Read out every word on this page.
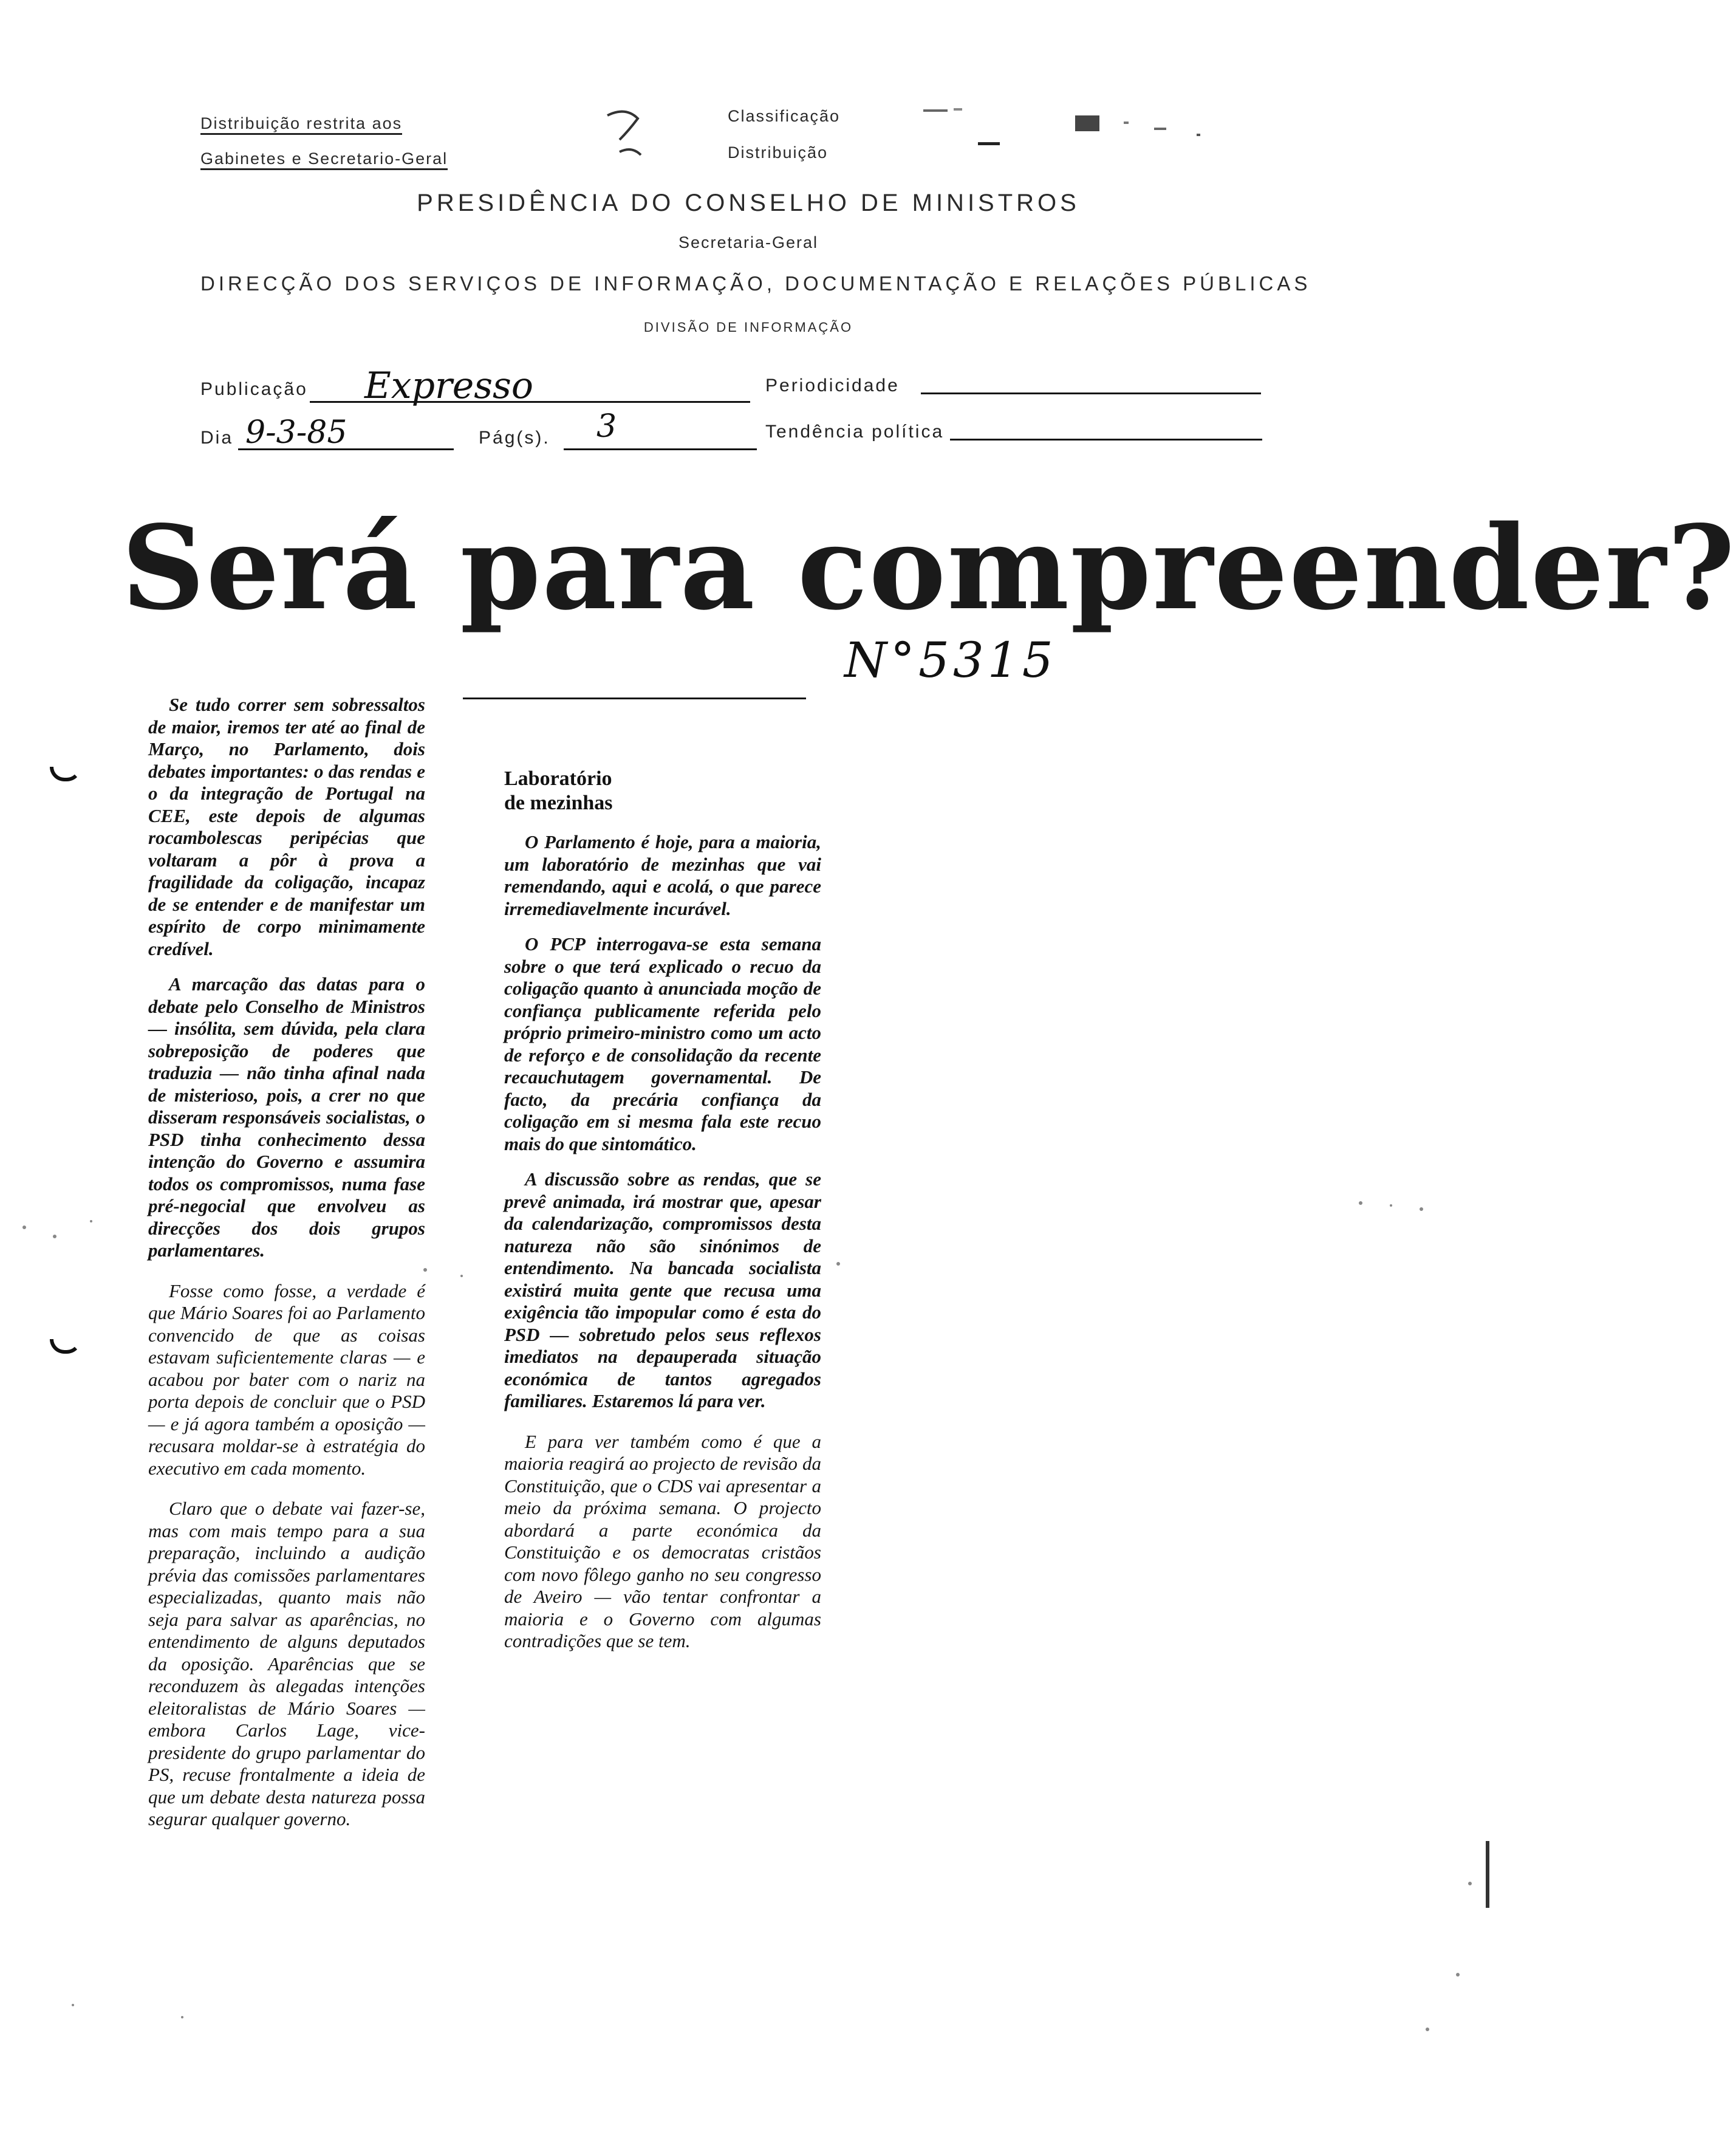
Distribuição restrita aos
Gabinetes e Secretario-Geral
Classificação
Distribuição
PRESIDÊNCIA DO CONSELHO DE MINISTROS
Secretaria-Geral
DIRECÇÃO DOS SERVIÇOS DE INFORMAÇÃO, DOCUMENTAÇÃO E RELAÇÕES PÚBLICAS
DIVISÃO DE INFORMAÇÃO
Publicação Expresso
Dia 9-3-85	Pág(s). 3
Periodicidade
Tendência política
Será para compreender?
N°5315

Se tudo correr sem sobressaltos de maior, iremos ter até ao final de Março, no Parlamento, dois debates importantes: o das rendas e o da integração de Portugal na CEE, este depois de algumas rocambolescas peripécias que voltaram a pôr à prova a fragilidade da coligação, incapaz de se entender e de manifestar um espírito de corpo minimamente credível.

A marcação das datas para o debate pelo Conselho de Ministros — insólita, sem dúvida, pela clara sobreposição de poderes que traduzia — não tinha afinal nada de misterioso, pois, a crer no que disseram responsáveis socialistas, o PSD tinha conhecimento dessa intenção do Governo e assumira todos os compromissos, numa fase pré-negocial que envolveu as direcções dos dois grupos parlamentares.

Fosse como fosse, a verdade é que Mário Soares foi ao Parlamento convencido de que as coisas estavam suficientemente claras — e acabou por bater com o nariz na porta depois de concluir que o PSD — e já agora também a oposição — recusara moldar-se à estratégia do executivo em cada momento.

Claro que o debate vai fazer-se, mas com mais tempo para a sua preparação, incluindo a audição prévia das comissões parlamentares especializadas, quanto mais não seja para salvar as aparências, no entendimento de alguns deputados da oposição. Aparências que se reconduzem às alegadas intenções eleitoralistas de Mário Soares — embora Carlos Lage, vice-presidente do grupo parlamentar do PS, recuse frontalmente a ideia de que um debate desta natureza possa segurar qualquer governo.

Laboratório
de mezinhas

O Parlamento é hoje, para a maioria, um laboratório de mezinhas que vai remendando, aqui e acolá, o que parece irremediavelmente incurável.

O PCP interrogava-se esta semana sobre o que terá explicado o recuo da coligação quanto à anunciada moção de confiança publicamente referida pelo próprio primeiro-ministro como um acto de reforço e de consolidação da recente recauchutagem governamental. De facto, da precária confiança da coligação em si mesma fala este recuo mais do que sintomático.

A discussão sobre as rendas, que se prevê animada, irá mostrar que, apesar da calendarização, compromissos desta natureza não são sinónimos de entendimento. Na bancada socialista existirá muita gente que recusa uma exigência tão impopular como é esta do PSD — sobretudo pelos seus reflexos imediatos na depauperada situação económica de tantos agregados familiares. Estaremos lá para ver.

E para ver também como é que a maioria reagirá ao projecto de revisão da Constituição, que o CDS vai apresentar a meio da próxima semana. O projecto abordará a parte económica da Constituição e os democratas cristãos com novo fôlego ganho no seu congresso de Aveiro — vão tentar confrontar a maioria e o Governo com algumas contradições que se tem.
